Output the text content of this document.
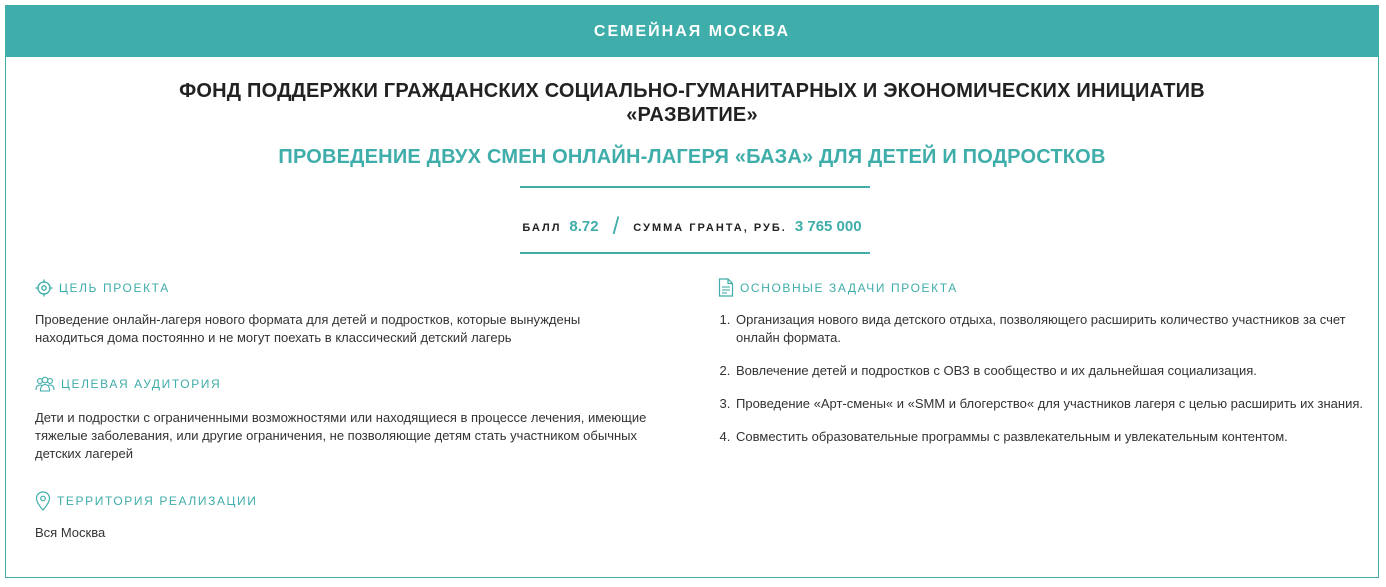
СЕМЕЙНАЯ МОСКВА
ФОНД ПОДДЕРЖКИ ГРАЖДАНСКИХ СОЦИАЛЬНО-ГУМАНИТАРНЫХ И ЭКОНОМИЧЕСКИХ ИНИЦИАТИВ
«РАЗВИТИЕ»
ПРОВЕДЕНИЕ ДВУХ СМЕН ОНЛАЙН-ЛАГЕРЯ «БАЗА» ДЛЯ ДЕТЕЙ И ПОДРОСТКОВ
БАЛЛ 8.72 / СУММА ГРАНТА, РУБ. 3 765 000
ЦЕЛЬ ПРОЕКТА
Проведение онлайн-лагеря нового формата для детей и подростков, которые вынуждены находиться дома постоянно и не могут поехать в классический детский лагерь
ЦЕЛЕВАЯ АУДИТОРИЯ
Дети и подростки с ограниченными возможностями или находящиеся в процессе лечения, имеющие тяжелые заболевания, или другие ограничения, не позволяющие детям стать участником обычных детских лагерей
ТЕРРИТОРИЯ РЕАЛИЗАЦИИ
Вся Москва
ОСНОВНЫЕ ЗАДАЧИ ПРОЕКТА
1. Организация нового вида детского отдыха, позволяющего расширить количество участников за счет онлайн формата.
2. Вовлечение детей и подростков с ОВЗ в сообщество и их дальнейшая социализация.
3. Проведение «Арт-смены« и «SMM и блогерство« для участников лагеря с целью расширить их знания.
4. Совместить образовательные программы с развлекательным и увлекательным контентом.
